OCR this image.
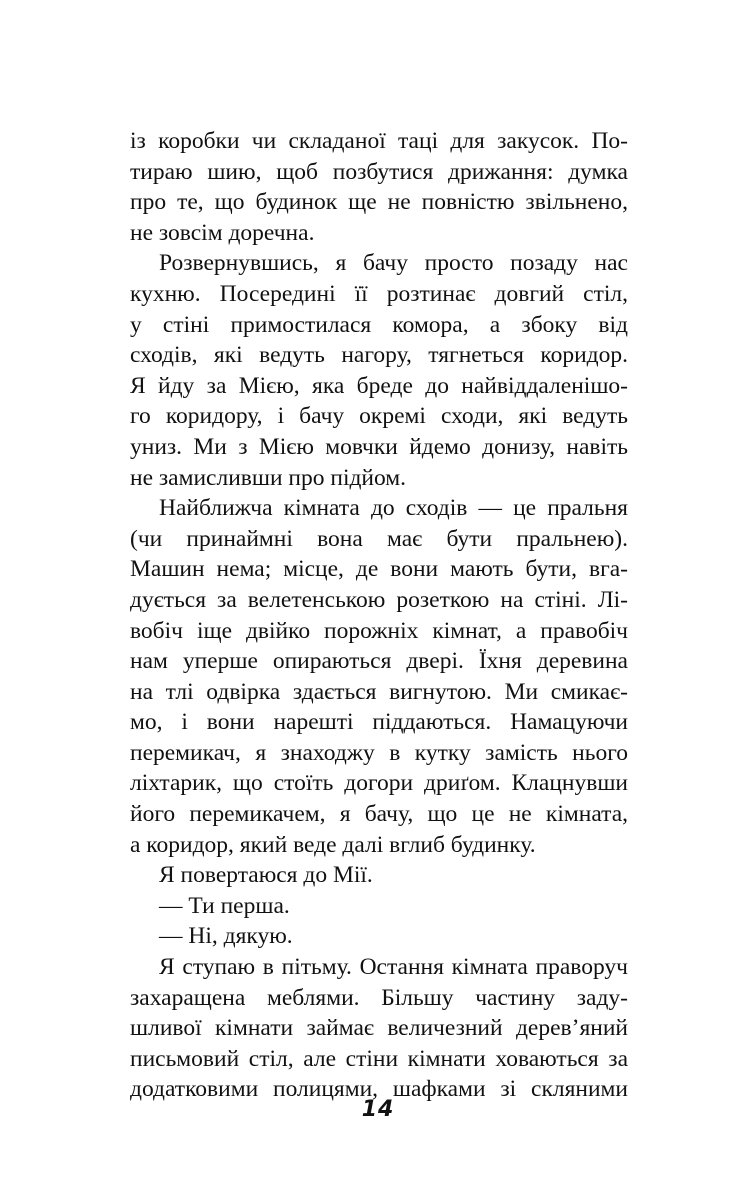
із коробки чи складаної таці для закусок. По-
тираю шию, щоб позбутися дрижання: думка
про те, що будинок ще не повністю звільнено,
не зовсім доречна.
Розвернувшись, я бачу просто позаду нас
кухню. Посередині її розтинає довгий стіл,
у стіні примостилася комора, а збоку від
сходів, які ведуть нагору, тягнеться коридор.
Я йду за Мією, яка бреде до найвіддаленішо-
го коридору, і бачу окремі сходи, які ведуть
униз. Ми з Мією мовчки йдемо донизу, навіть
не замисливши про підйом.
Найближча кімната до сходів — це пральня
(чи принаймні вона має бути пральнею).
Машин нема; місце, де вони мають бути, вга-
дується за велетенською розеткою на стіні. Лі-
вобіч іще двійко порожніх кімнат, а правобіч
нам уперше опираються двері. Їхня деревина
на тлі одвірка здається вигнутою. Ми смикає-
мо, і вони нарешті піддаються. Намацуючи
перемикач, я знаходжу в кутку замість нього
ліхтарик, що стоїть догори дриґом. Клацнувши
його перемикачем, я бачу, що це не кімната,
а коридор, який веде далі вглиб будинку.
Я повертаюся до Мії.
— Ти перша.
— Ні, дякую.
Я ступаю в пітьму. Остання кімната праворуч
захаращена меблями. Більшу частину заду-
шливої кімнати займає величезний дерев’яний
письмовий стіл, але стіни кімнати ховаються за
додатковими полицями, шафками зі скляними
14
